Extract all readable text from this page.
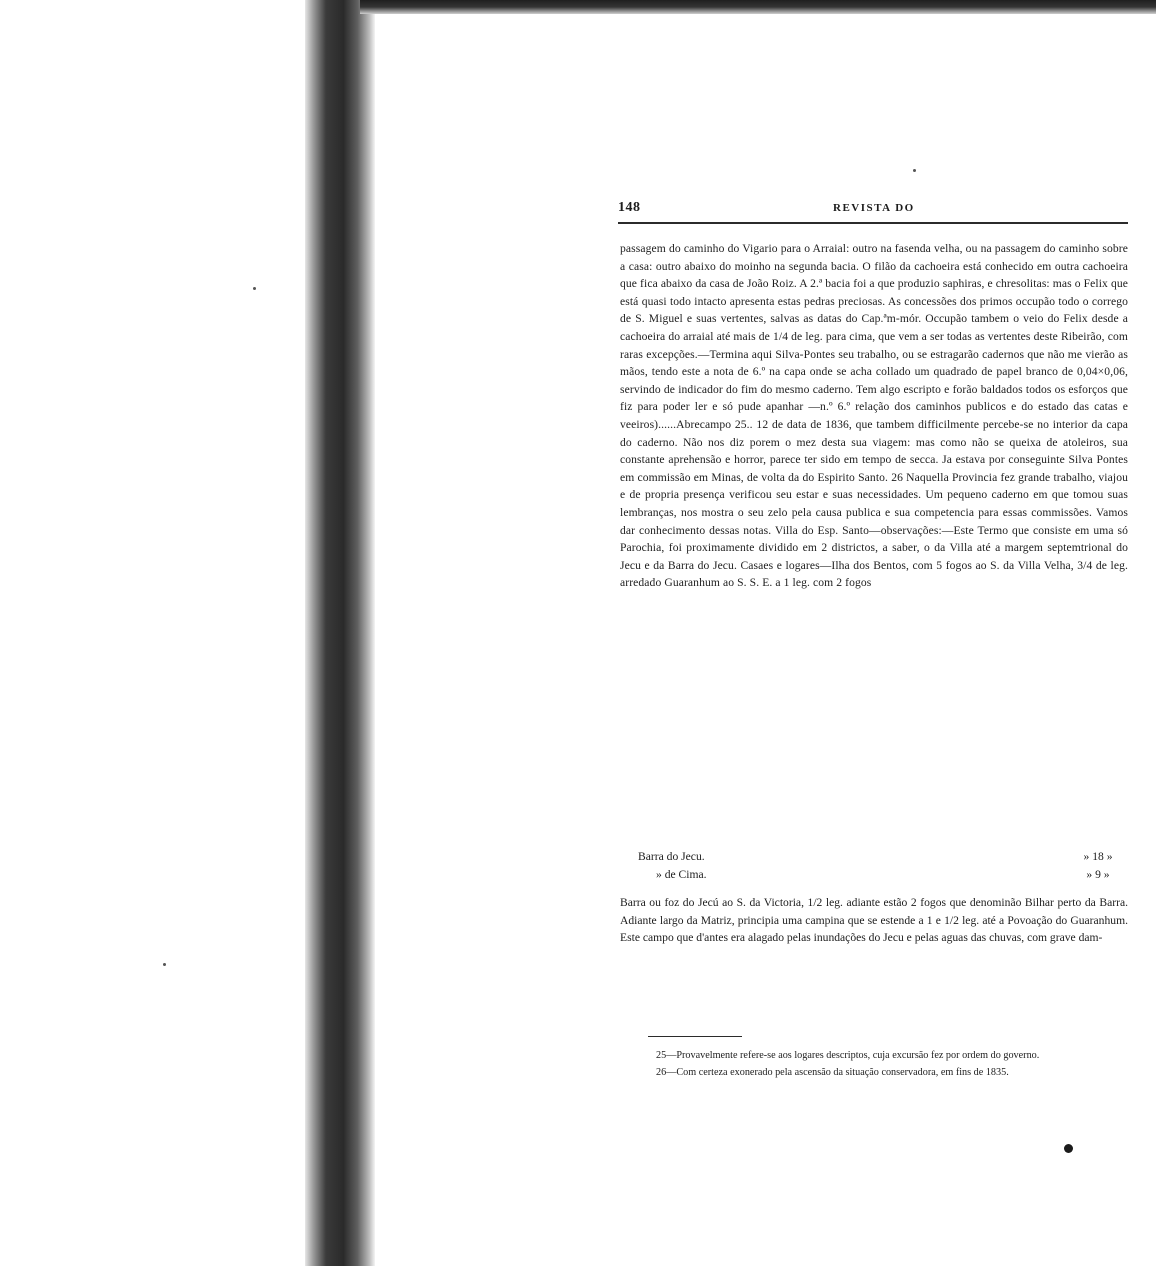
148	REVISTA DO
passagem do caminho do Vigario para o Arraial: outro na fasenda velha, ou na passagem do caminho sobre a casa: outro abaixo do moinho na segunda bacia. O filão da cachoeira está conhecido em outra cachoeira que fica abaixo da casa de João Roiz. A 2.ª bacia foi a que produzio saphiras, e chresolitas: mas o Felix que está quasi todo intacto apresenta estas pedras preciosas. As concessões dos primos occupão todo o corrego de S. Miguel e suas vertentes, salvas as datas do Cap.ªm-mór. Occupão tambem o veio do Felix desde a cachoeira do arraial até mais de 1/4 de leg. para cima, que vem a ser todas as vertentes deste Ribeirão, com raras excepções.—Termina aqui Silva-Pontes seu trabalho, ou se estragarão cadernos que não me vierão as mãos, tendo este a nota de 6.º na capa onde se acha collado um quadrado de papel branco de 0,04×0,06, servindo de indicador do fim do mesmo caderno. Tem algo escripto e forão baldados todos os esforços que fiz para poder ler e só pude apanhar —n.º 6.º relação dos caminhos publicos e do estado das catas e veeiros)......Abrecampo 25.. 12 de data de 1836, que tambem difficilmente percebe-se no interior da capa do caderno. Não nos diz porem o mez desta sua viagem: mas como não se queixa de atoleiros, sua constante aprehensão e horror, parece ter sido em tempo de secca. Ja estava por conseguinte Silva Pontes em commissão em Minas, de volta da do Espirito Santo. 26 Naquella Provincia fez grande trabalho, viajou e de propria presença verificou seu estar e suas necessidades. Um pequeno caderno em que tomou suas lembranças, nos mostra o seu zelo pela causa publica e sua competencia para essas commissões. Vamos dar conhecimento dessas notas. Villa do Esp. Santo—observações:—Este Termo que consiste em uma só Parochia, foi proximamente dividido em 2 districtos, a saber, o da Villa até a margem septemtrional do Jecu e da Barra do Jecu. Casaes e logares—Ilha dos Bentos, com 5 fogos ao S. da Villa Velha, 3/4 de leg. arredado Guaranhum ao S. S. E. a 1 leg. com 2 fogos
Barra do Jecu.	» 18 »
» de Cima.	» 9 »
Barra ou foz do Jecú ao S. da Victoria, 1/2 leg. adiante estão 2 fogos que denominão Bilhar perto da Barra. Adiante largo da Matriz, principia uma campina que se estende a 1 e 1/2 leg. até a Povoação do Guaranhum. Este campo que d'antes era alagado pelas inundações do Jecu e pelas aguas das chuvas, com grave dam-

25—Provavelmente refere-se aos logares descriptos, cuja excursão fez por ordem do governo.

26—Com certeza exonerado pela ascensão da situação conservadora, em fins de 1835.
